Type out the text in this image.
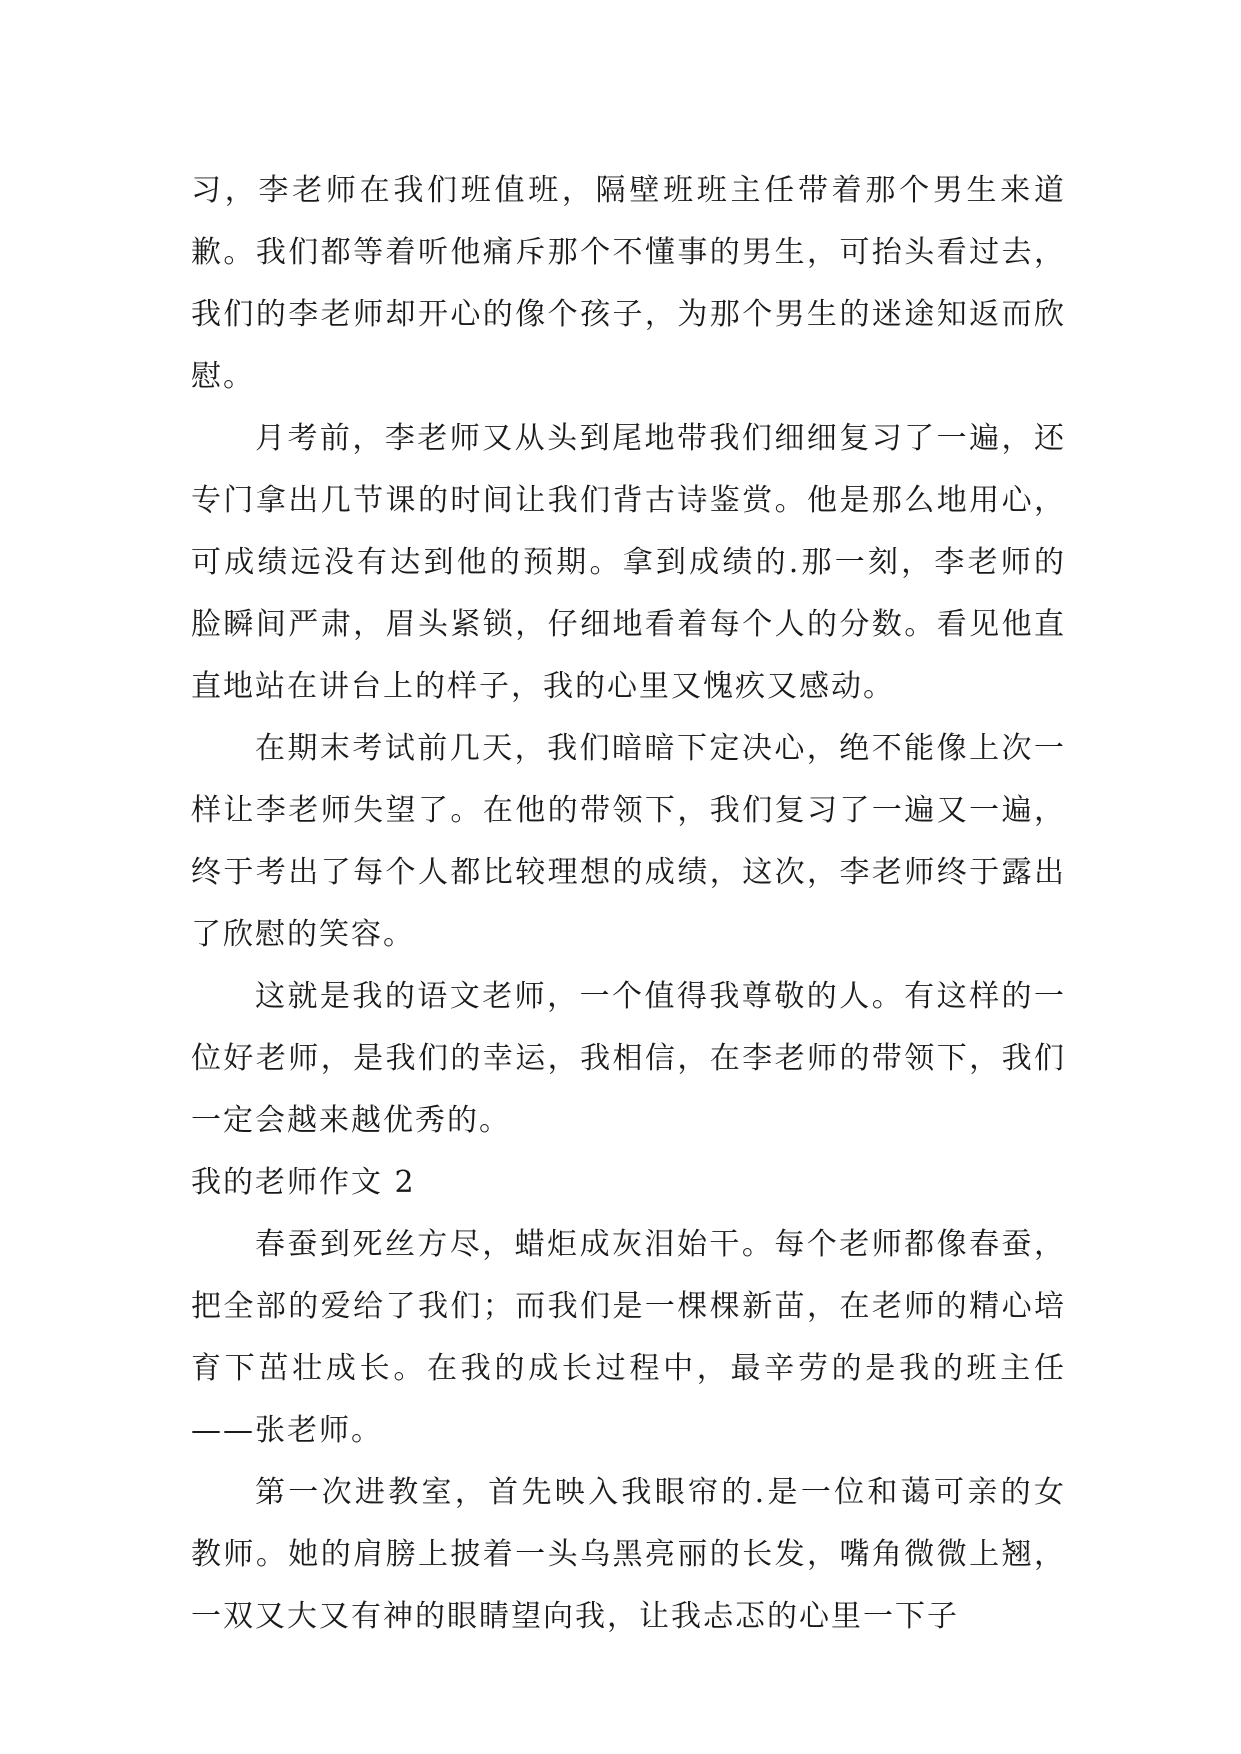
习，李老师在我们班值班，隔壁班班主任带着那个男生来道歉。我们都等着听他痛斥那个不懂事的男生，可抬头看过去，我们的李老师却开心的像个孩子，为那个男生的迷途知返而欣慰。

月考前，李老师又从头到尾地带我们细细复习了一遍，还专门拿出几节课的时间让我们背古诗鉴赏。他是那么地用心，可成绩远没有达到他的预期。拿到成绩的.那一刻，李老师的脸瞬间严肃，眉头紧锁，仔细地看着每个人的分数。看见他直直地站在讲台上的样子，我的心里又愧疚又感动。

在期末考试前几天，我们暗暗下定决心，绝不能像上次一样让李老师失望了。在他的带领下，我们复习了一遍又一遍，终于考出了每个人都比较理想的成绩，这次，李老师终于露出了欣慰的笑容。

这就是我的语文老师，一个值得我尊敬的人。有这样的一位好老师，是我们的幸运，我相信，在李老师的带领下，我们一定会越来越优秀的。

我的老师作文 2

春蚕到死丝方尽，蜡炬成灰泪始干。每个老师都像春蚕，把全部的爱给了我们；而我们是一棵棵新苗，在老师的精心培育下茁壮成长。在我的成长过程中，最辛劳的是我的班主任——张老师。

第一次进教室，首先映入我眼帘的.是一位和蔼可亲的女教师。她的肩膀上披着一头乌黑亮丽的长发，嘴角微微上翘，一双又大又有神的眼睛望向我，让我忐忑的心里一下子
